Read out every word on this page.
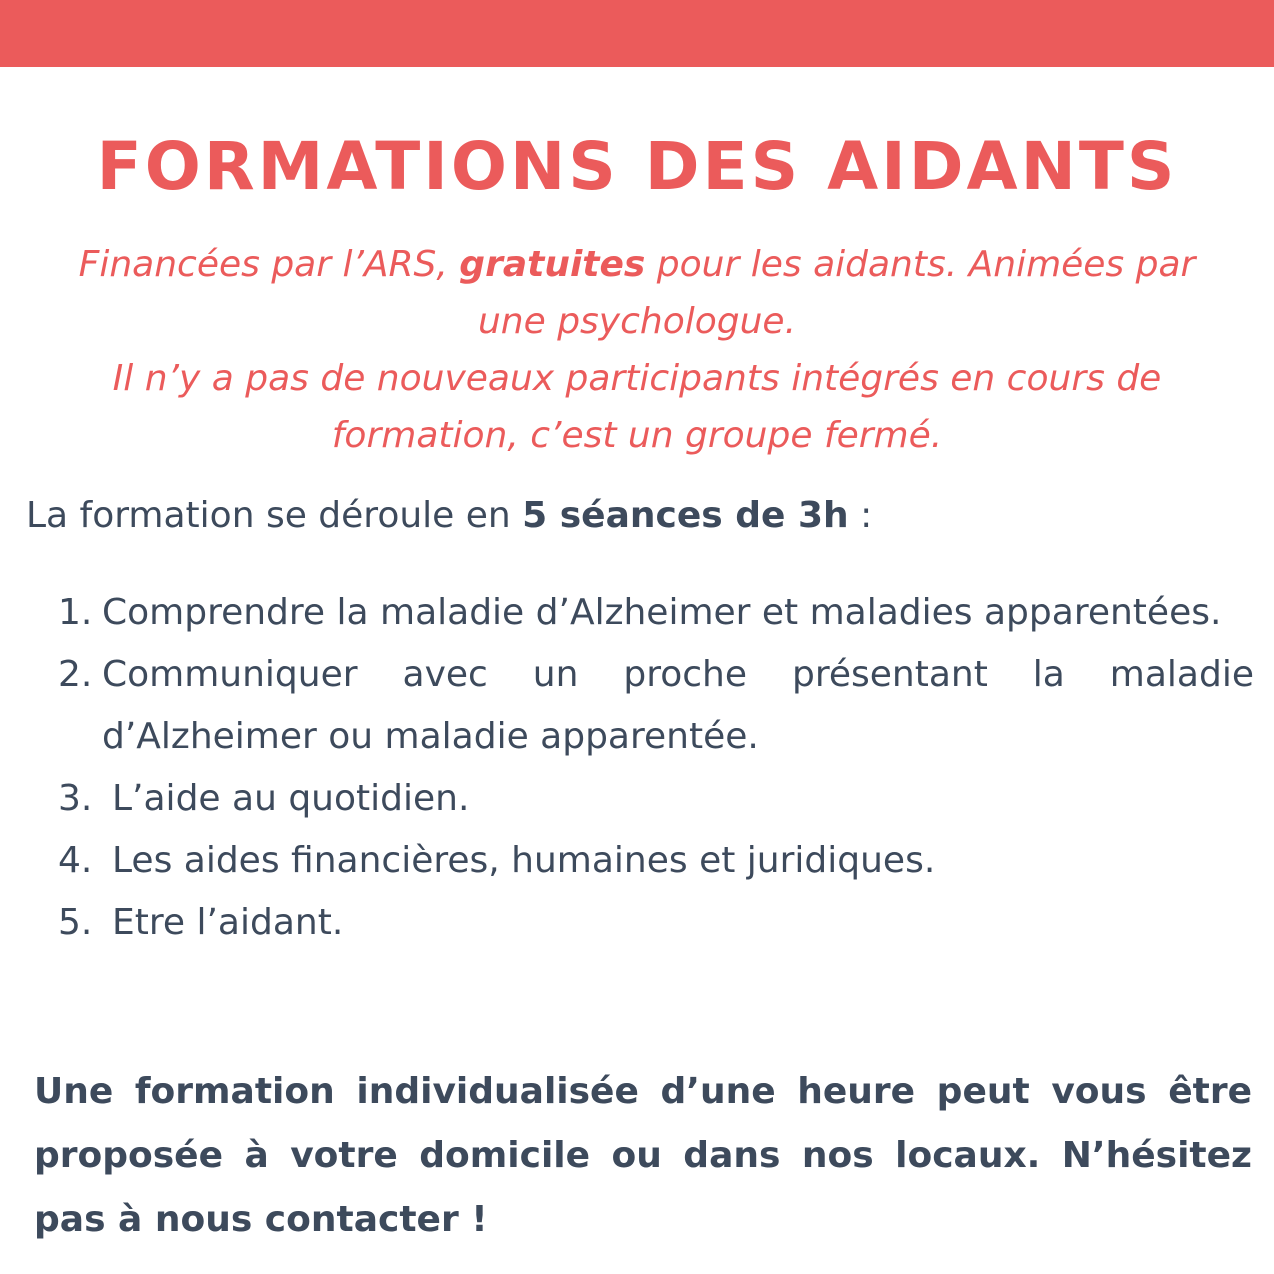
FORMATIONS DES AIDANTS
Financées par l’ARS, gratuites pour les aidants. Animées par une psychologue.
Il n’y a pas de nouveaux participants intégrés en cours de formation, c’est un groupe fermé.

La formation se déroule en 5 séances de 3h :

1. Comprendre la maladie d’Alzheimer et maladies apparentées.
2. Communiquer avec un proche présentant la maladie d’Alzheimer ou maladie apparentée.
3. L’aide au quotidien.
4. Les aides financières, humaines et juridiques.
5. Etre l’aidant.

Une formation individualisée d’une heure peut vous être proposée à votre domicile ou dans nos locaux. N’hésitez pas à nous contacter !
